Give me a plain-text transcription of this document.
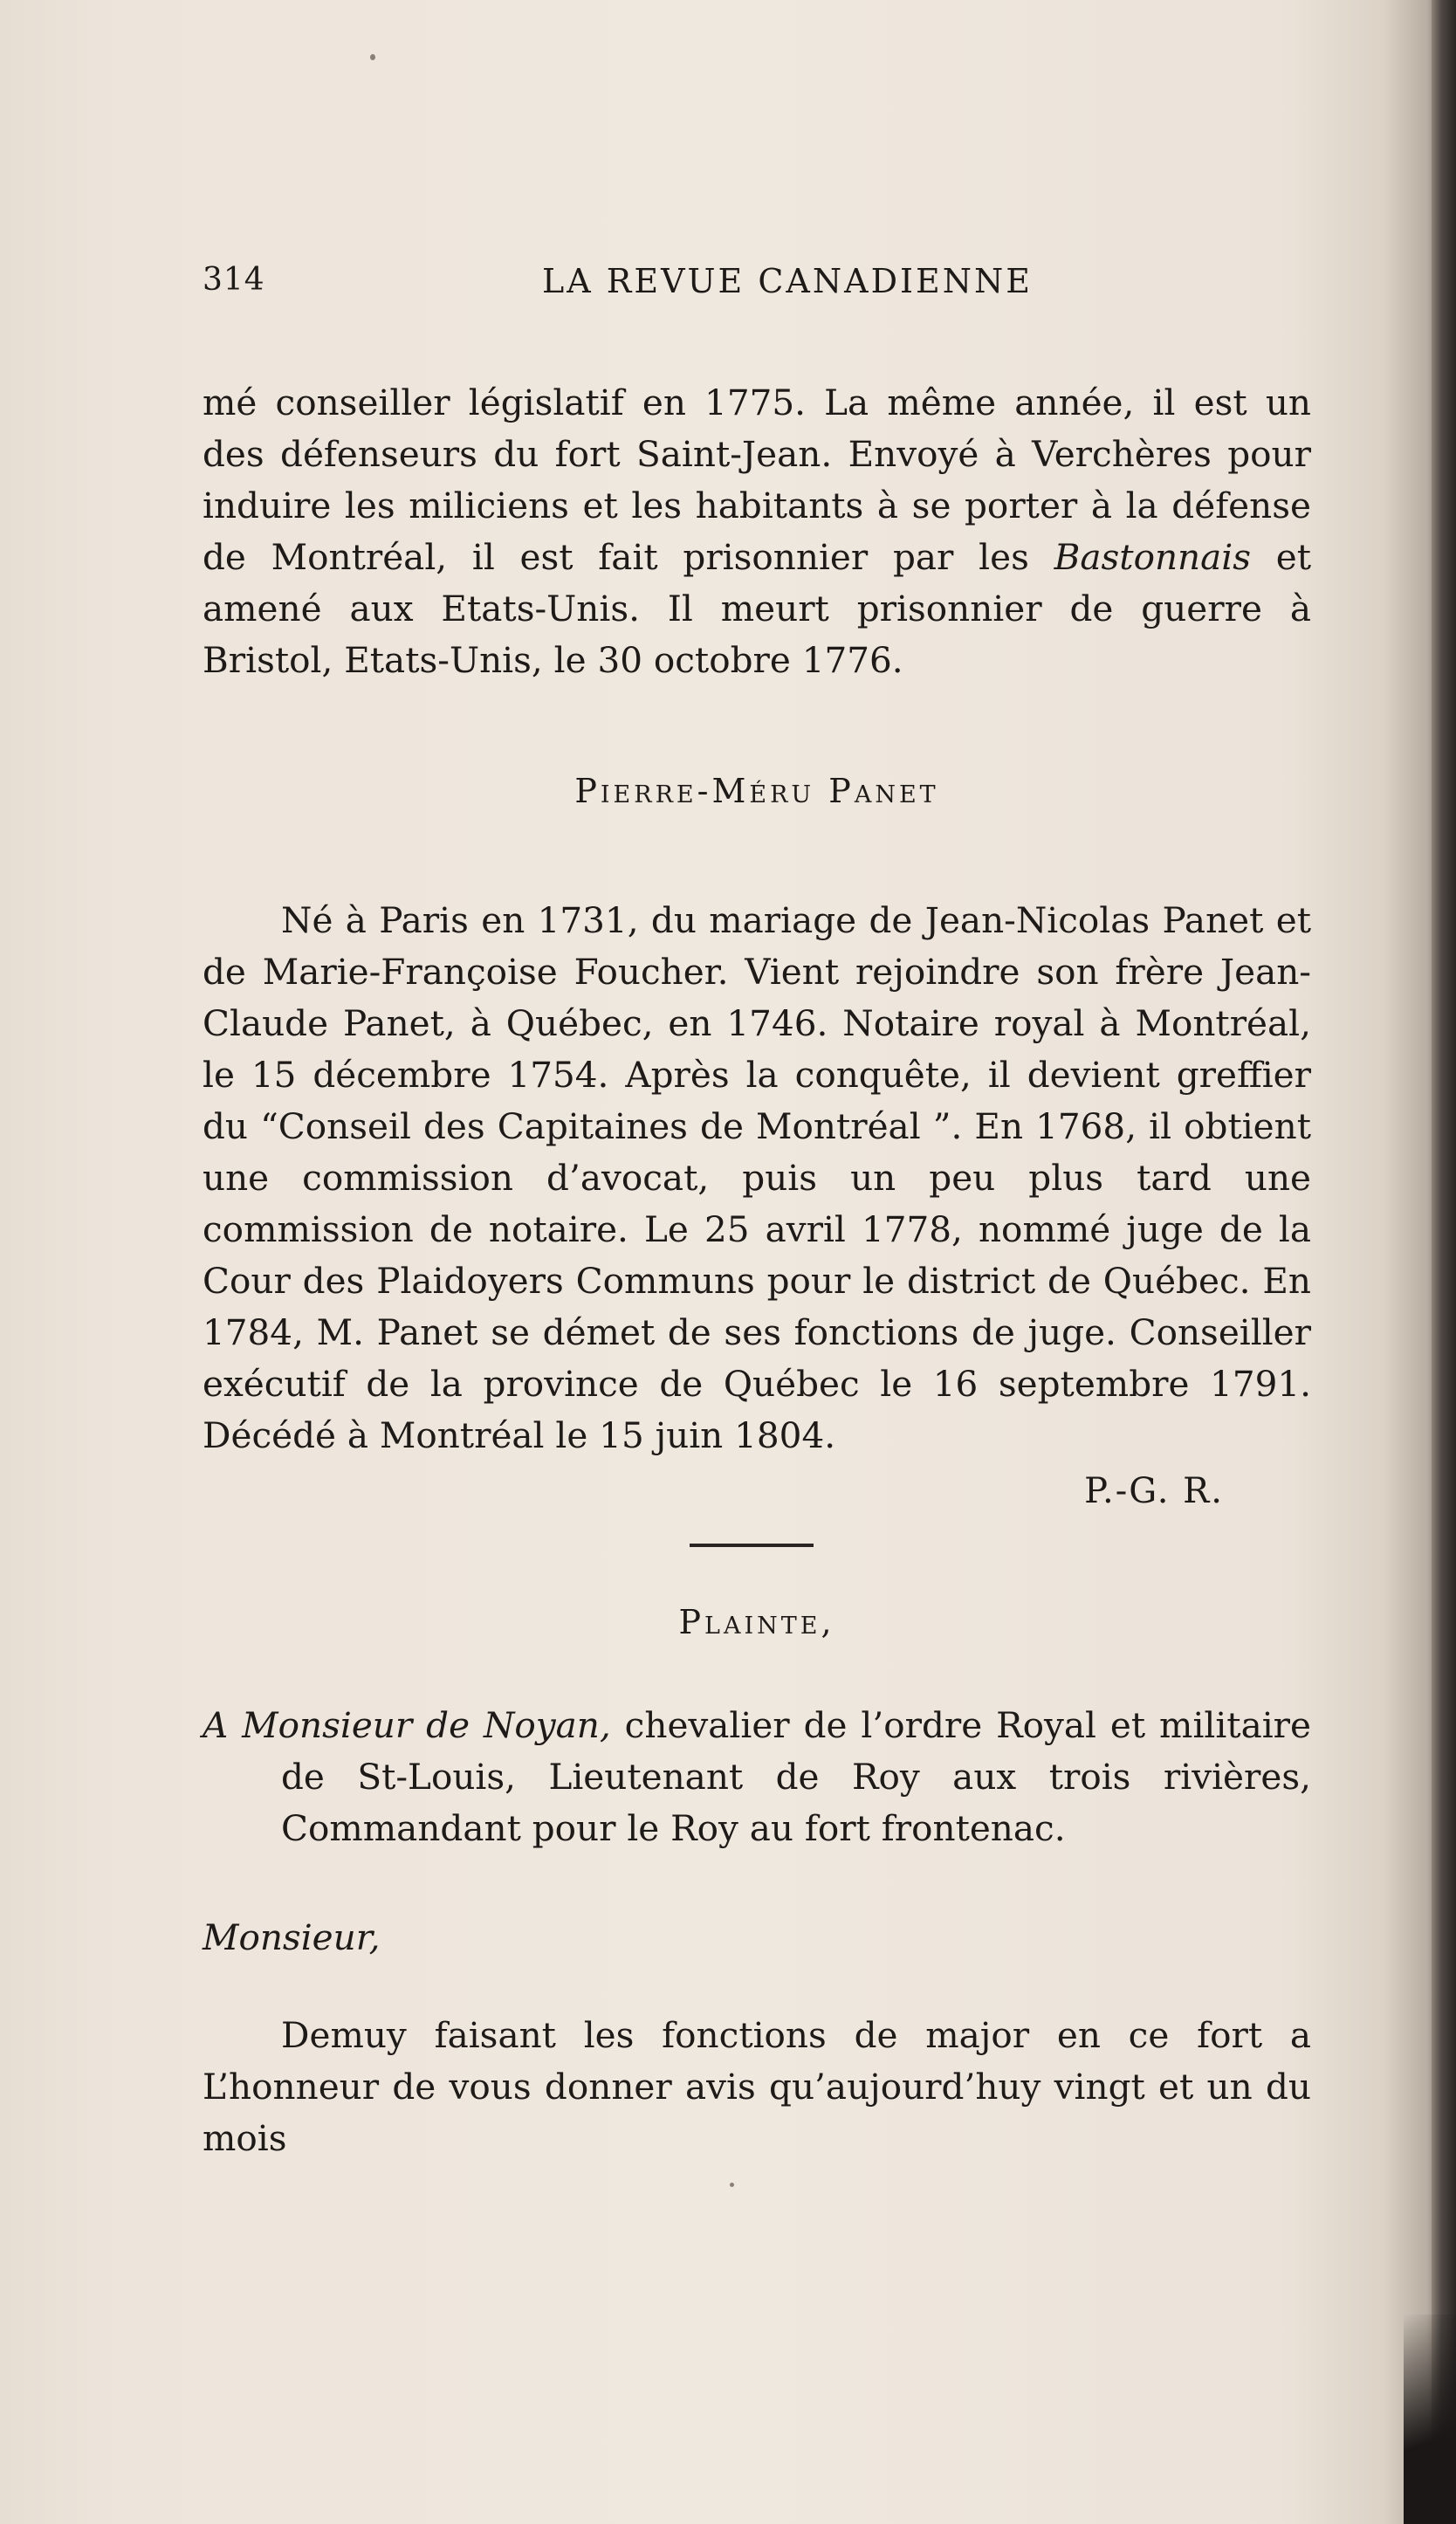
314	LA REVUE CANADIENNE

mé conseiller législatif en 1775. La même année, il est un des défenseurs du fort Saint-Jean. Envoyé à Verchères pour induire les miliciens et les habitants à se porter à la défense de Montréal, il est fait prisonnier par les Bastonnais et amené aux Etats-Unis. Il meurt prisonnier de guerre à Bristol, Etats-Unis, le 30 octobre 1776.

Pierre-Méru Panet

Né à Paris en 1731, du mariage de Jean-Nicolas Panet et de Marie-Françoise Foucher. Vient rejoindre son frère Jean-Claude Panet, à Québec, en 1746. Notaire royal à Montréal, le 15 décembre 1754. Après la conquête, il devient greffier du “Conseil des Capitaines de Montréal ”. En 1768, il obtient une commission d’avocat, puis un peu plus tard une commission de notaire. Le 25 avril 1778, nommé juge de la Cour des Plaidoyers Communs pour le district de Québec. En 1784, M. Panet se démet de ses fonctions de juge. Conseiller exécutif de la province de Québec le 16 septembre 1791. Décédé à Montréal le 15 juin 1804.

P.-G. R.
Plainte,

A Monsieur de Noyan, chevalier de l’ordre Royal et militaire de St-Louis, Lieutenant de Roy aux trois rivières, Commandant pour le Roy au fort frontenac.

Monsieur,

Demuy faisant les fonctions de major en ce fort a L’honneur de vous donner avis qu’aujourd’huy vingt et un du mois
